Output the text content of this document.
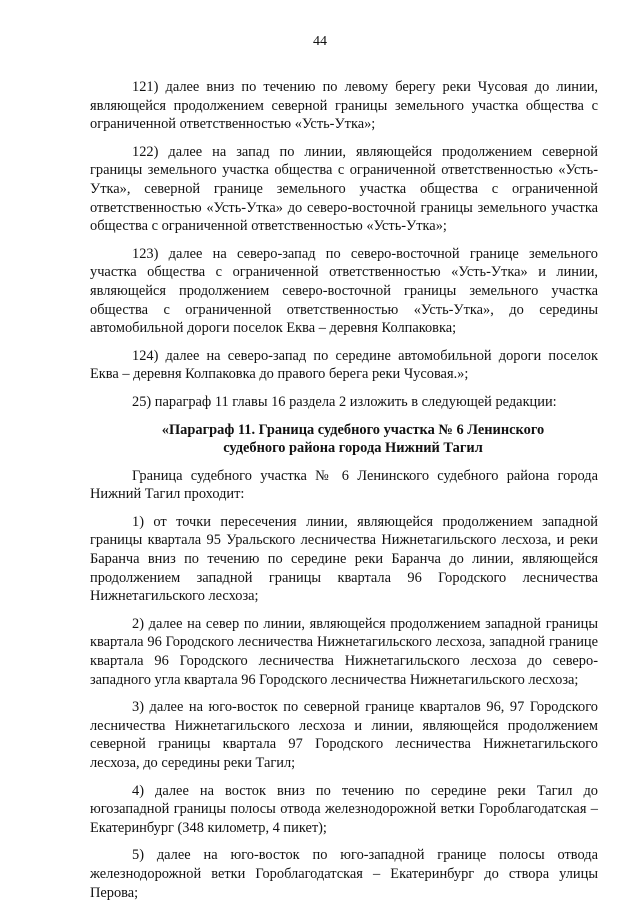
44

121) далее вниз по течению по левому берегу реки Чусовая до линии, являющейся продолжением северной границы земельного участка общества с ограниченной ответственностью «Усть-Утка»;

122) далее на запад по линии, являющейся продолжением северной границы земельного участка общества с ограниченной ответственностью «Усть-Утка», северной границе земельного участка общества с ограниченной ответственностью «Усть-Утка» до северо-восточной границы земельного участка общества с ограниченной ответственностью «Усть-Утка»;

123) далее на северо-запад по северо-восточной границе земельного участка общества с ограниченной ответственностью «Усть-Утка» и линии, являющейся продолжением северо-восточной границы земельного участка общества с ограниченной ответственностью «Усть-Утка», до середины автомобильной дороги поселок Еква – деревня Колпаковка;

124) далее на северо-запад по середине автомобильной дороги поселок Еква – деревня Колпаковка до правого берега реки Чусовая.»;

25) параграф 11 главы 16 раздела 2 изложить в следующей редакции:

«Параграф 11. Граница судебного участка № 6 Ленинского
судебного района города Нижний Тагил

Граница судебного участка № 6 Ленинского судебного района города Нижний Тагил проходит:

1) от точки пересечения линии, являющейся продолжением западной границы квартала 95 Уральского лесничества Нижнетагильского лесхоза, и реки Баранча вниз по течению по середине реки Баранча до линии, являющейся продолжением западной границы квартала 96 Городского лесничества Нижнетагильского лесхоза;

2) далее на север по линии, являющейся продолжением западной границы квартала 96 Городского лесничества Нижнетагильского лесхоза, западной границе квартала 96 Городского лесничества Нижнетагильского лесхоза до северо-западного угла квартала 96 Городского лесничества Нижнетагильского лесхоза;

3) далее на юго-восток по северной границе кварталов 96, 97 Городского лесничества Нижнетагильского лесхоза и линии, являющейся продолжением северной границы квартала 97 Городского лесничества Нижнетагильского лесхоза, до середины реки Тагил;

4) далее на восток вниз по течению по середине реки Тагил до югозападной границы полосы отвода железнодорожной ветки Гороблагодатская – Екатеринбург (348 километр, 4 пикет);

5) далее на юго-восток по юго-западной границе полосы отвода железнодорожной ветки Гороблагодатская – Екатеринбург до створа улицы Перова;
